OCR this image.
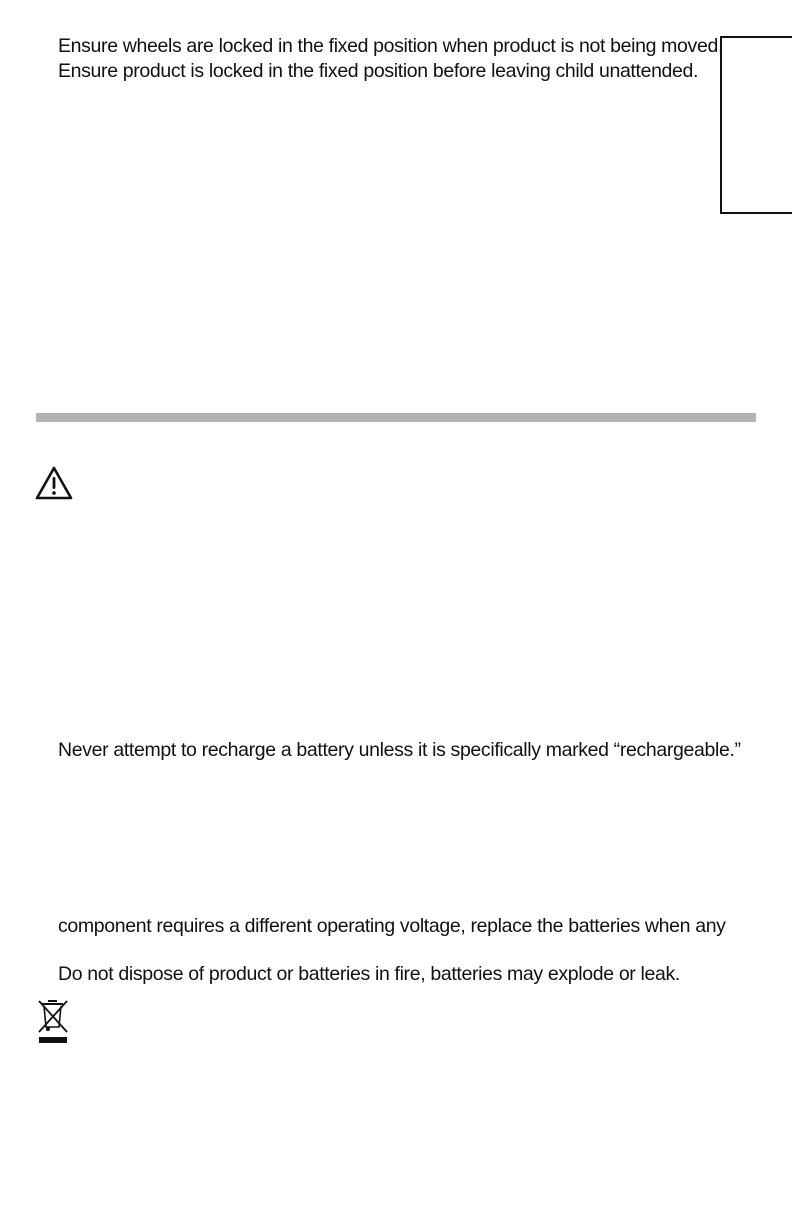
Ensure wheels are locked in the fixed position when product is not being moved.
Ensure product is locked in the fixed position before leaving child unattended.
Never attempt to recharge a battery unless it is specifically marked “rechargeable.”
component requires a different operating voltage, replace the batteries when any
Do not dispose of product or batteries in fire, batteries may explode or leak.
